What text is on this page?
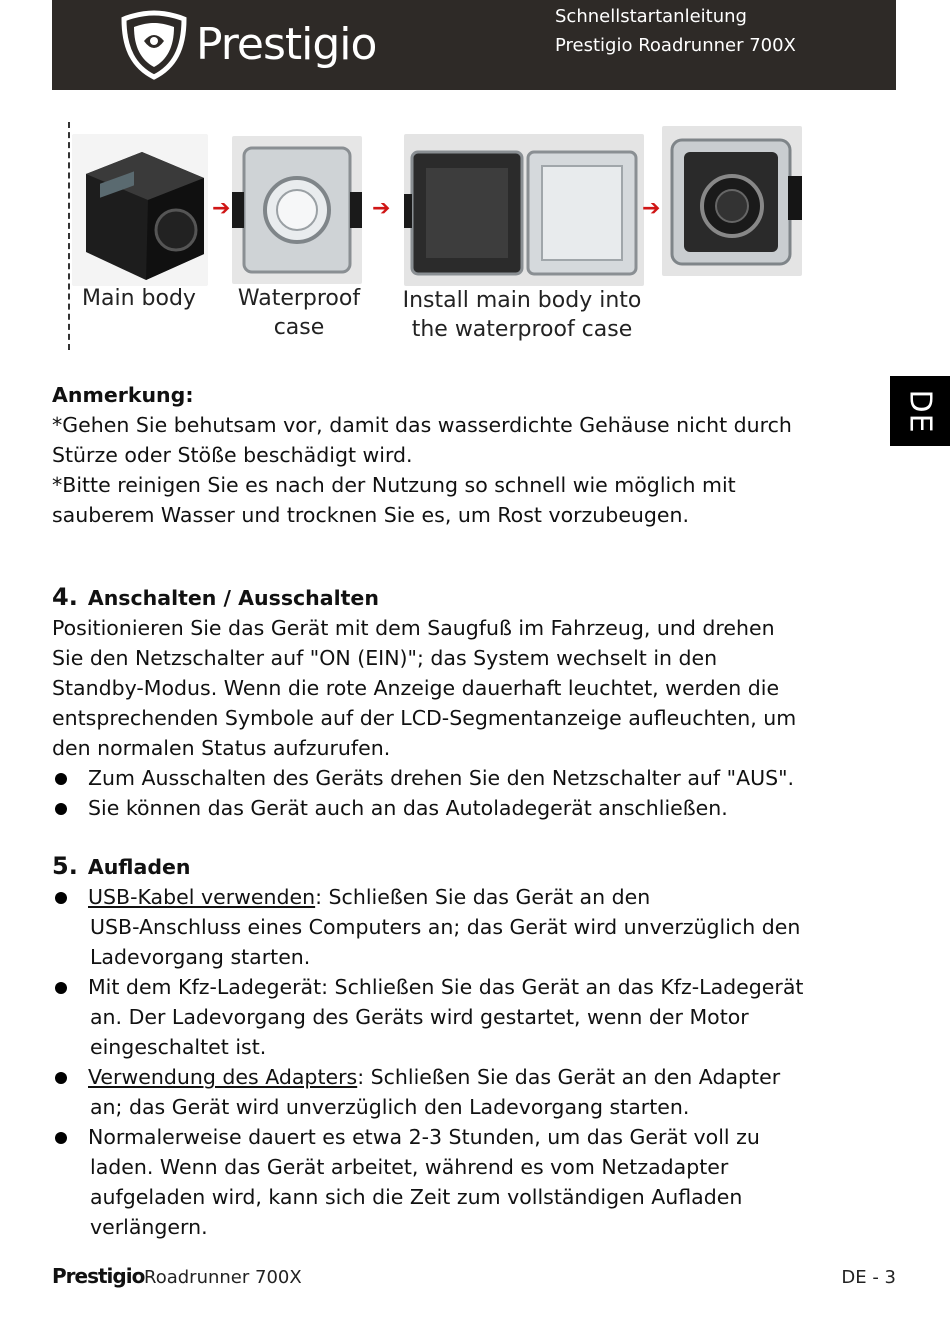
Prestigio
Schnellstartanleitung
Prestigio Roadrunner 700X
➔	➔	➔
Main body	Waterproof
case
Install main body into
the waterproof case
DE
Anmerkung:

*Gehen Sie behutsam vor, damit das wasserdichte Gehäuse nicht durch

Stürze oder Stöße beschädigt wird.

*Bitte reinigen Sie es nach der Nutzung so schnell wie möglich mit

sauberem Wasser und trocknen Sie es, um Rost vorzubeugen.

4. Anschalten / Ausschalten

Positionieren Sie das Gerät mit dem Saugfuß im Fahrzeug, und drehen

Sie den Netzschalter auf "ON (EIN)"; das System wechselt in den

Standby-Modus. Wenn die rote Anzeige dauerhaft leuchtet, werden die

entsprechenden Symbole auf der LCD-Segmentanzeige aufleuchten, um

den normalen Status aufzurufen.

Zum Ausschalten des Geräts drehen Sie den Netzschalter auf "AUS".
Sie können das Gerät auch an das Autoladegerät anschließen.
5. Aufladen
USB-Kabel verwenden: Schließen Sie das Gerät an den
USB-Anschluss eines Computers an; das Gerät wird unverzüglich den
Ladevorgang starten.
Mit dem Kfz-Ladegerät: Schließen Sie das Gerät an das Kfz-Ladegerät
an. Der Ladevorgang des Geräts wird gestartet, wenn der Motor
eingeschaltet ist.
Verwendung des Adapters: Schließen Sie das Gerät an den Adapter
an; das Gerät wird unverzüglich den Ladevorgang starten.
Normalerweise dauert es etwa 2-3 Stunden, um das Gerät voll zu
laden. Wenn das Gerät arbeitet, während es vom Netzadapter
aufgeladen wird, kann sich die Zeit zum vollständigen Aufladen
verlängern.
Prestigio Roadrunner 700X	DE - 3
